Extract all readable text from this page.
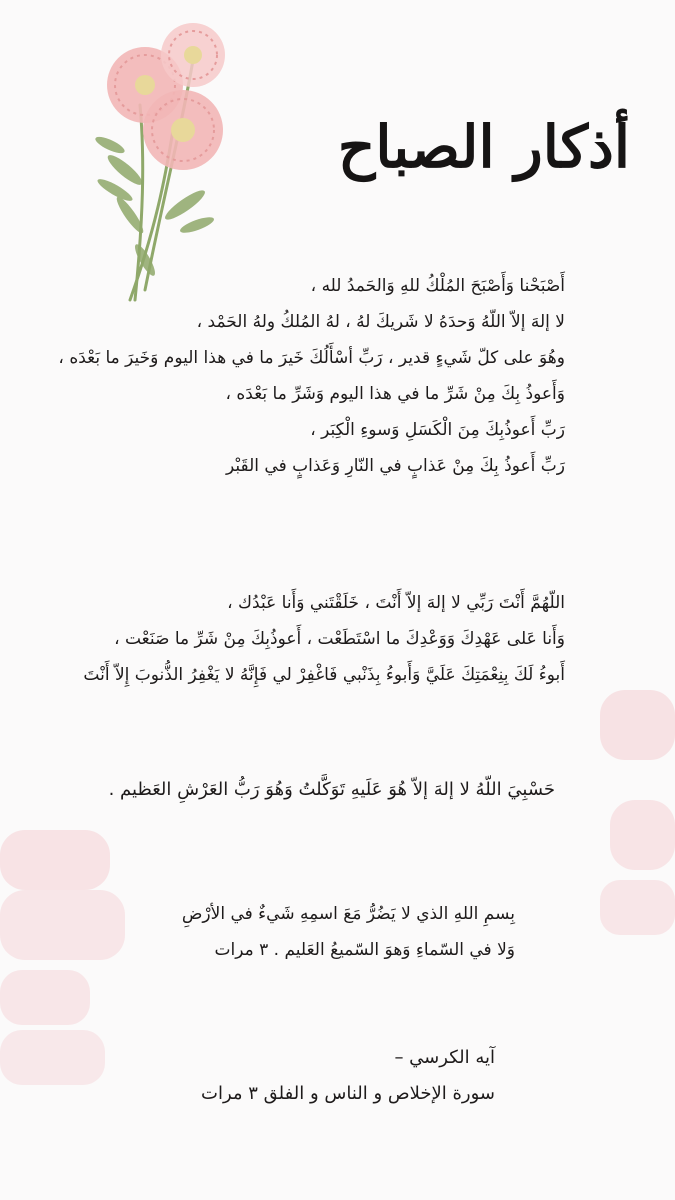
أذكار الصباح
أَصْبَحْنا وَأَصْبَحَ المُلْكُ للهِ وَالحَمدُ لله ،
لا إلهَ إلاّ اللّهُ وَحدَهُ لا شَريكَ لهُ ، لهُ المُلكُ ولهُ الحَمْد ،
وهُوَ على كلّ شَيءٍ قدير ، رَبِّ أسْأَلُكَ خَيرَ ما في هذا اليوم وَخَيرَ ما بَعْدَه ،
وَأَعوذُ بِكَ مِنْ شَرِّ ما في هذا اليوم وَشَرِّ ما بَعْدَه ،
رَبِّ أَعوذُبِكَ مِنَ الْكَسَلِ وَسوءِ الْكِبَر ،
رَبِّ أَعوذُ بِكَ مِنْ عَذابٍ في النّارِ وَعَذابٍ في القَبْر
اللّهُمَّ أَنْتَ رَبِّي لا إلهَ إلاّ أَنْتَ ، خَلَقْتَني وَأَنا عَبْدُك ،
وَأَنا عَلى عَهْدِكَ وَوَعْدِكَ ما اسْتَطَعْت ، أَعوذُبِكَ مِنْ شَرِّ ما صَنَعْت ،
أَبوءُ لَكَ بِنِعْمَتِكَ عَلَيَّ وَأَبوءُ بِذَنْبي فَاغْفِرْ لي فَإِنَّهُ لا يَغْفِرُ الذُّنوبَ إِلاّ أَنْتَ
حَسْبِيَ اللّهُ لا إلهَ إلاّ هُوَ عَلَيهِ تَوَكَّلتُ وَهُوَ رَبُّ العَرْشِ العَظيم .
بِسمِ اللهِ الذي لا يَضُرُّ مَعَ اسمِهِ شَيءٌ في الأرْضِ
وَلا في السّماءِ وَهوَ السّميعُ العَليم . ٣ مرات
آيه الكرسي –
سورة الإخلاص و الناس و الفلق ٣ مرات
